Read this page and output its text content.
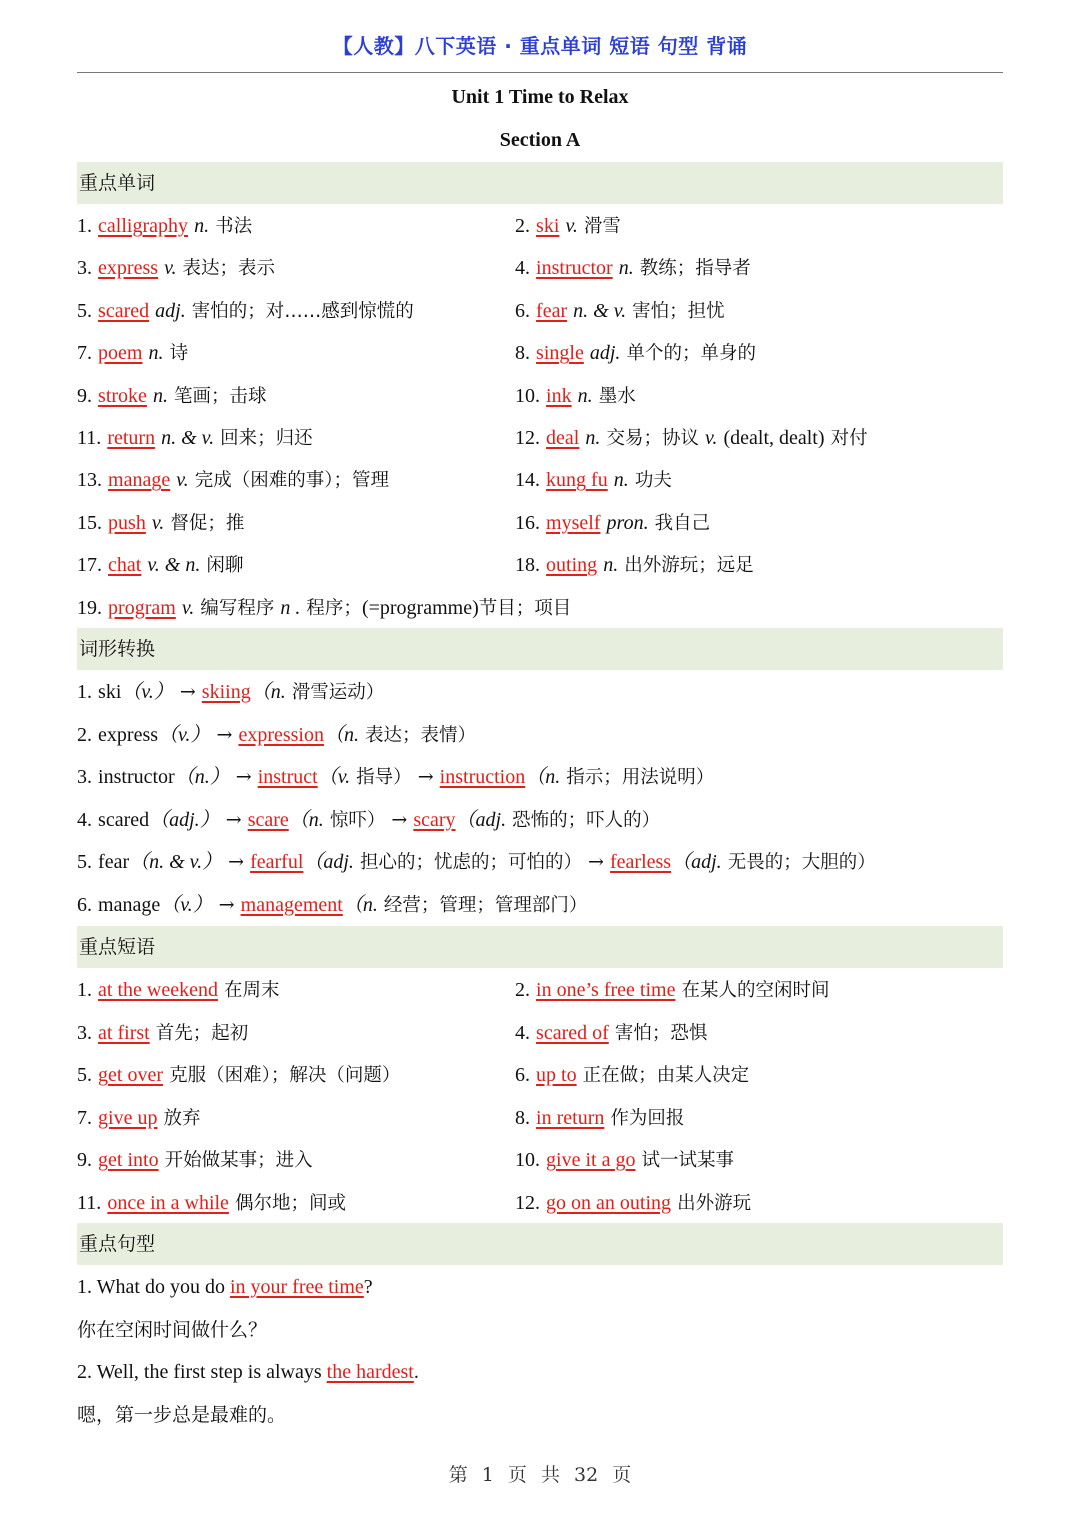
【人教】八下英语 · 重点单词 短语 句型 背诵
Unit 1 Time to Relax
Section A
重点单词
1. calligraphy n. 书法	2. ski v. 滑雪
3. express v. 表达；表示	4. instructor n. 教练；指导者
5. scared adj. 害怕的；对……感到惊慌的	6. fear n. & v. 害怕；担忧
7. poem n. 诗	8. single adj. 单个的；单身的
9. stroke n. 笔画；击球	10. ink n. 墨水
11. return n. & v. 回来；归还	12. deal n. 交易；协议 v. (dealt, dealt) 对付
13. manage v. 完成（困难的事）；管理	14. kung fu n. 功夫
15. push v. 督促；推	16. myself pron. 我自己
17. chat v. & n. 闲聊	18. outing n. 出外游玩；远足
19. program v. 编写程序 n . 程序；(=programme)节目；项目
词形转换
1. ski（v.） → skiing（n. 滑雪运动）
2. express（v.） → expression（n. 表达；表情）
3. instructor（n.） → instruct（v. 指导） → instruction（n. 指示；用法说明）
4. scared（adj.） → scare（n. 惊吓） → scary（adj. 恐怖的；吓人的）
5. fear（n. & v.） → fearful（adj. 担心的；忧虑的；可怕的） → fearless（adj. 无畏的；大胆的）
6. manage（v.） → management（n. 经营；管理；管理部门）
重点短语
1. at the weekend 在周末	2. in one’s free time 在某人的空闲时间
3. at first 首先；起初	4. scared of 害怕；恐惧
5. get over 克服（困难）；解决（问题）	6. up to 正在做；由某人决定
7. give up 放弃	8. in return 作为回报
9. get into 开始做某事；进入	10. give it a go 试一试某事
11. once in a while 偶尔地；间或	12. go on an outing 出外游玩
重点句型
1. What do you do in your free time?
你在空闲时间做什么？
2. Well, the first step is always the hardest.
嗯，第一步总是最难的。
第 1 页 共 32 页
